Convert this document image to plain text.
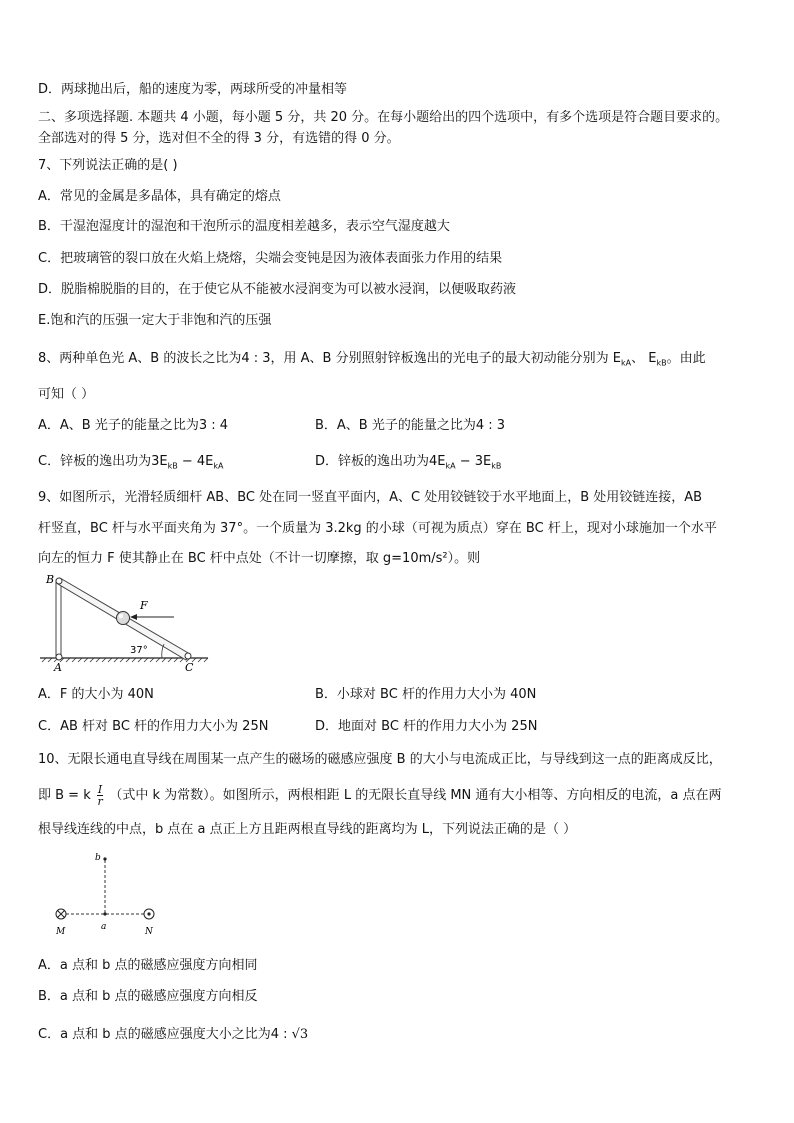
D．两球抛出后，船的速度为零，两球所受的冲量相等
二、多项选择题. 本题共 4 小题，每小题 5 分，共 20 分。在每小题给出的四个选项中，有多个选项是符合题目要求的。
全部选对的得 5 分，选对但不全的得 3 分，有选错的得 0 分。
7、下列说法正确的是( )
A．常见的金属是多晶体，具有确定的熔点
B．干湿泡湿度计的湿泡和干泡所示的温度相差越多，表示空气湿度越大
C．把玻璃管的裂口放在火焰上烧熔，尖端会变钝是因为液体表面张力作用的结果
D．脱脂棉脱脂的目的，在于使它从不能被水浸润变为可以被水浸润，以便吸取药液
E.饱和汽的压强一定大于非饱和汽的压强
8、两种单色光 A、B 的波长之比为4 : 3，用 A、B 分别照射锌板逸出的光电子的最大初动能分别为 $E_{kA}$、 $E_{kB}$。由此
可知（ ）
A．A、B 光子的能量之比为3 : 4	B．A、B 光子的能量之比为4 : 3
C．锌板的逸出功为$3E_{kB} - 4E_{kA}$	D．锌板的逸出功为$4E_{kA} - 3E_{kB}$
9、如图所示，光滑轻质细杆 AB、BC 处在同一竖直平面内，A、C 处用铰链铰于水平地面上，B 处用铰链连接，AB
杆竖直，BC 杆与水平面夹角为 37°。一个质量为 3.2kg 的小球（可视为质点）穿在 BC 杆上，现对小球施加一个水平
向左的恒力 F 使其静止在 BC 杆中点处（不计一切摩擦，取 g=10m/s²）。则
B
A	C
F
37°
A．F 的大小为 40N	B．小球对 BC 杆的作用力大小为 40N
C．AB 杆对 BC 杆的作用力大小为 25N	D．地面对 BC 杆的作用力大小为 25N
10、无限长通电直导线在周围某一点产生的磁场的磁感应强度 B 的大小与电流成正比，与导线到这一点的距离成反比，
即 B = k $\frac{I}{r}$ （式中 k 为常数）。如图所示，两根相距 L 的无限长直导线 MN 通有大小相等、方向相反的电流，a 点在两
根导线连线的中点，b 点在 a 点正上方且距两根直导线的距离均为 L，下列说法正确的是（ ）
b
a
M	N
A．a 点和 b 点的磁感应强度方向相同
B．a 点和 b 点的磁感应强度方向相反
C．a 点和 b 点的磁感应强度大小之比为4 : √3
